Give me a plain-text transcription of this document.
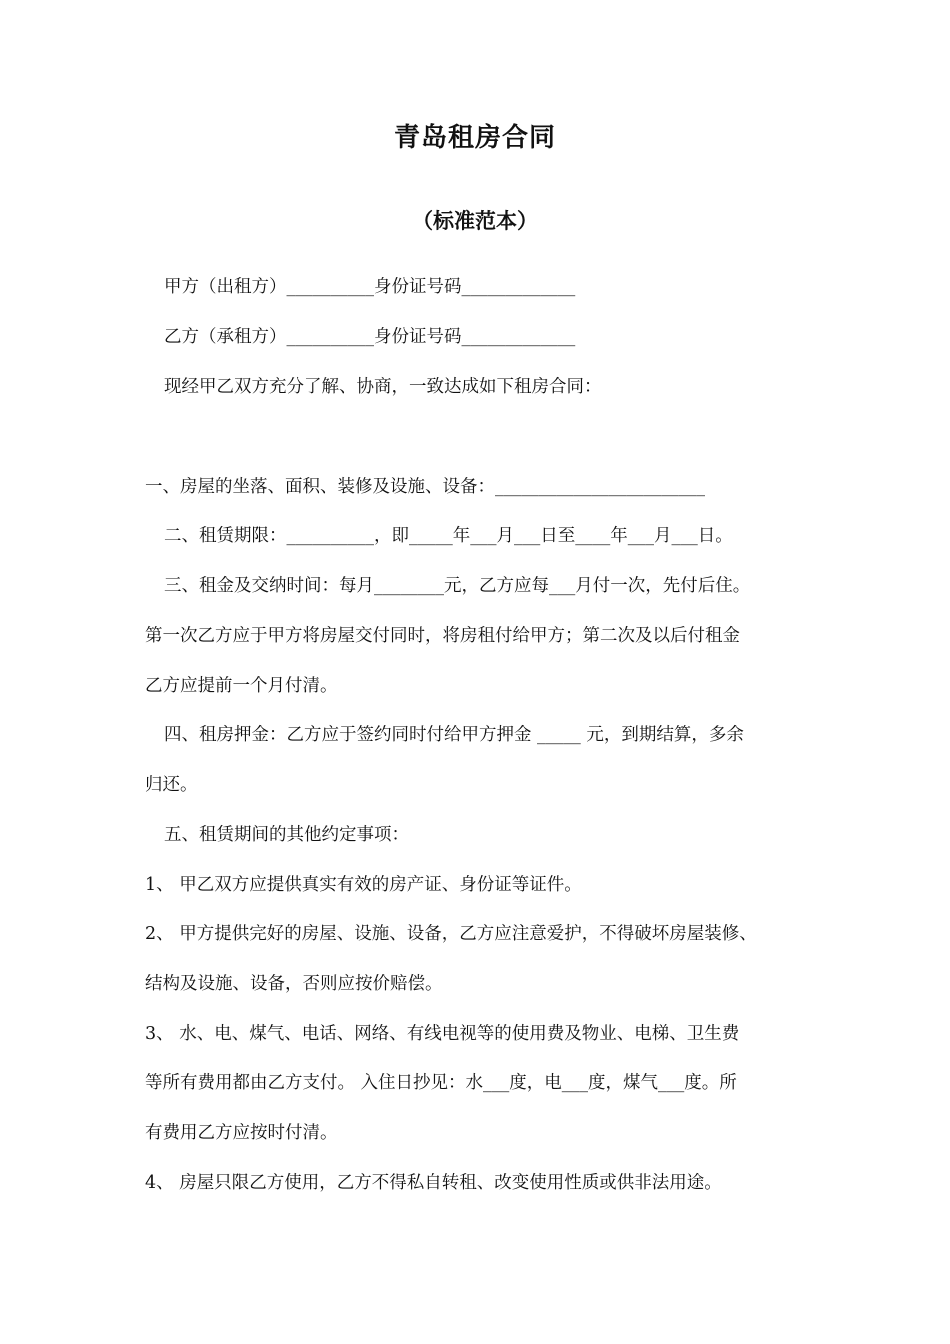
青岛租房合同
（标准范本）
甲方（出租方）__________身份证号码_____________
乙方（承租方）__________身份证号码_____________
现经甲乙双方充分了解、协商，一致达成如下租房合同：
一、房屋的坐落、面积、装修及设施、设备：________________________
二、租赁期限：__________，即_____年___月___日至____年___月___日。
三、租金及交纳时间：每月________元，乙方应每___月付一次，先付后住。
第一次乙方应于甲方将房屋交付同时，将房租付给甲方；第二次及以后付租金
乙方应提前一个月付清。
四、租房押金：乙方应于签约同时付给甲方押金 _____ 元，到期结算，多余
归还。
五、租赁期间的其他约定事项：
1、 甲乙双方应提供真实有效的房产证、身份证等证件。
2、 甲方提供完好的房屋、设施、设备，乙方应注意爱护，不得破坏房屋装修、
结构及设施、设备，否则应按价赔偿。
3、 水、电、煤气、电话、网络、有线电视等的使用费及物业、电梯、卫生费
等所有费用都由乙方支付。 入住日抄见：水___度，电___度，煤气___度。所
有费用乙方应按时付清。
4、 房屋只限乙方使用，乙方不得私自转租、改变使用性质或供非法用途。
